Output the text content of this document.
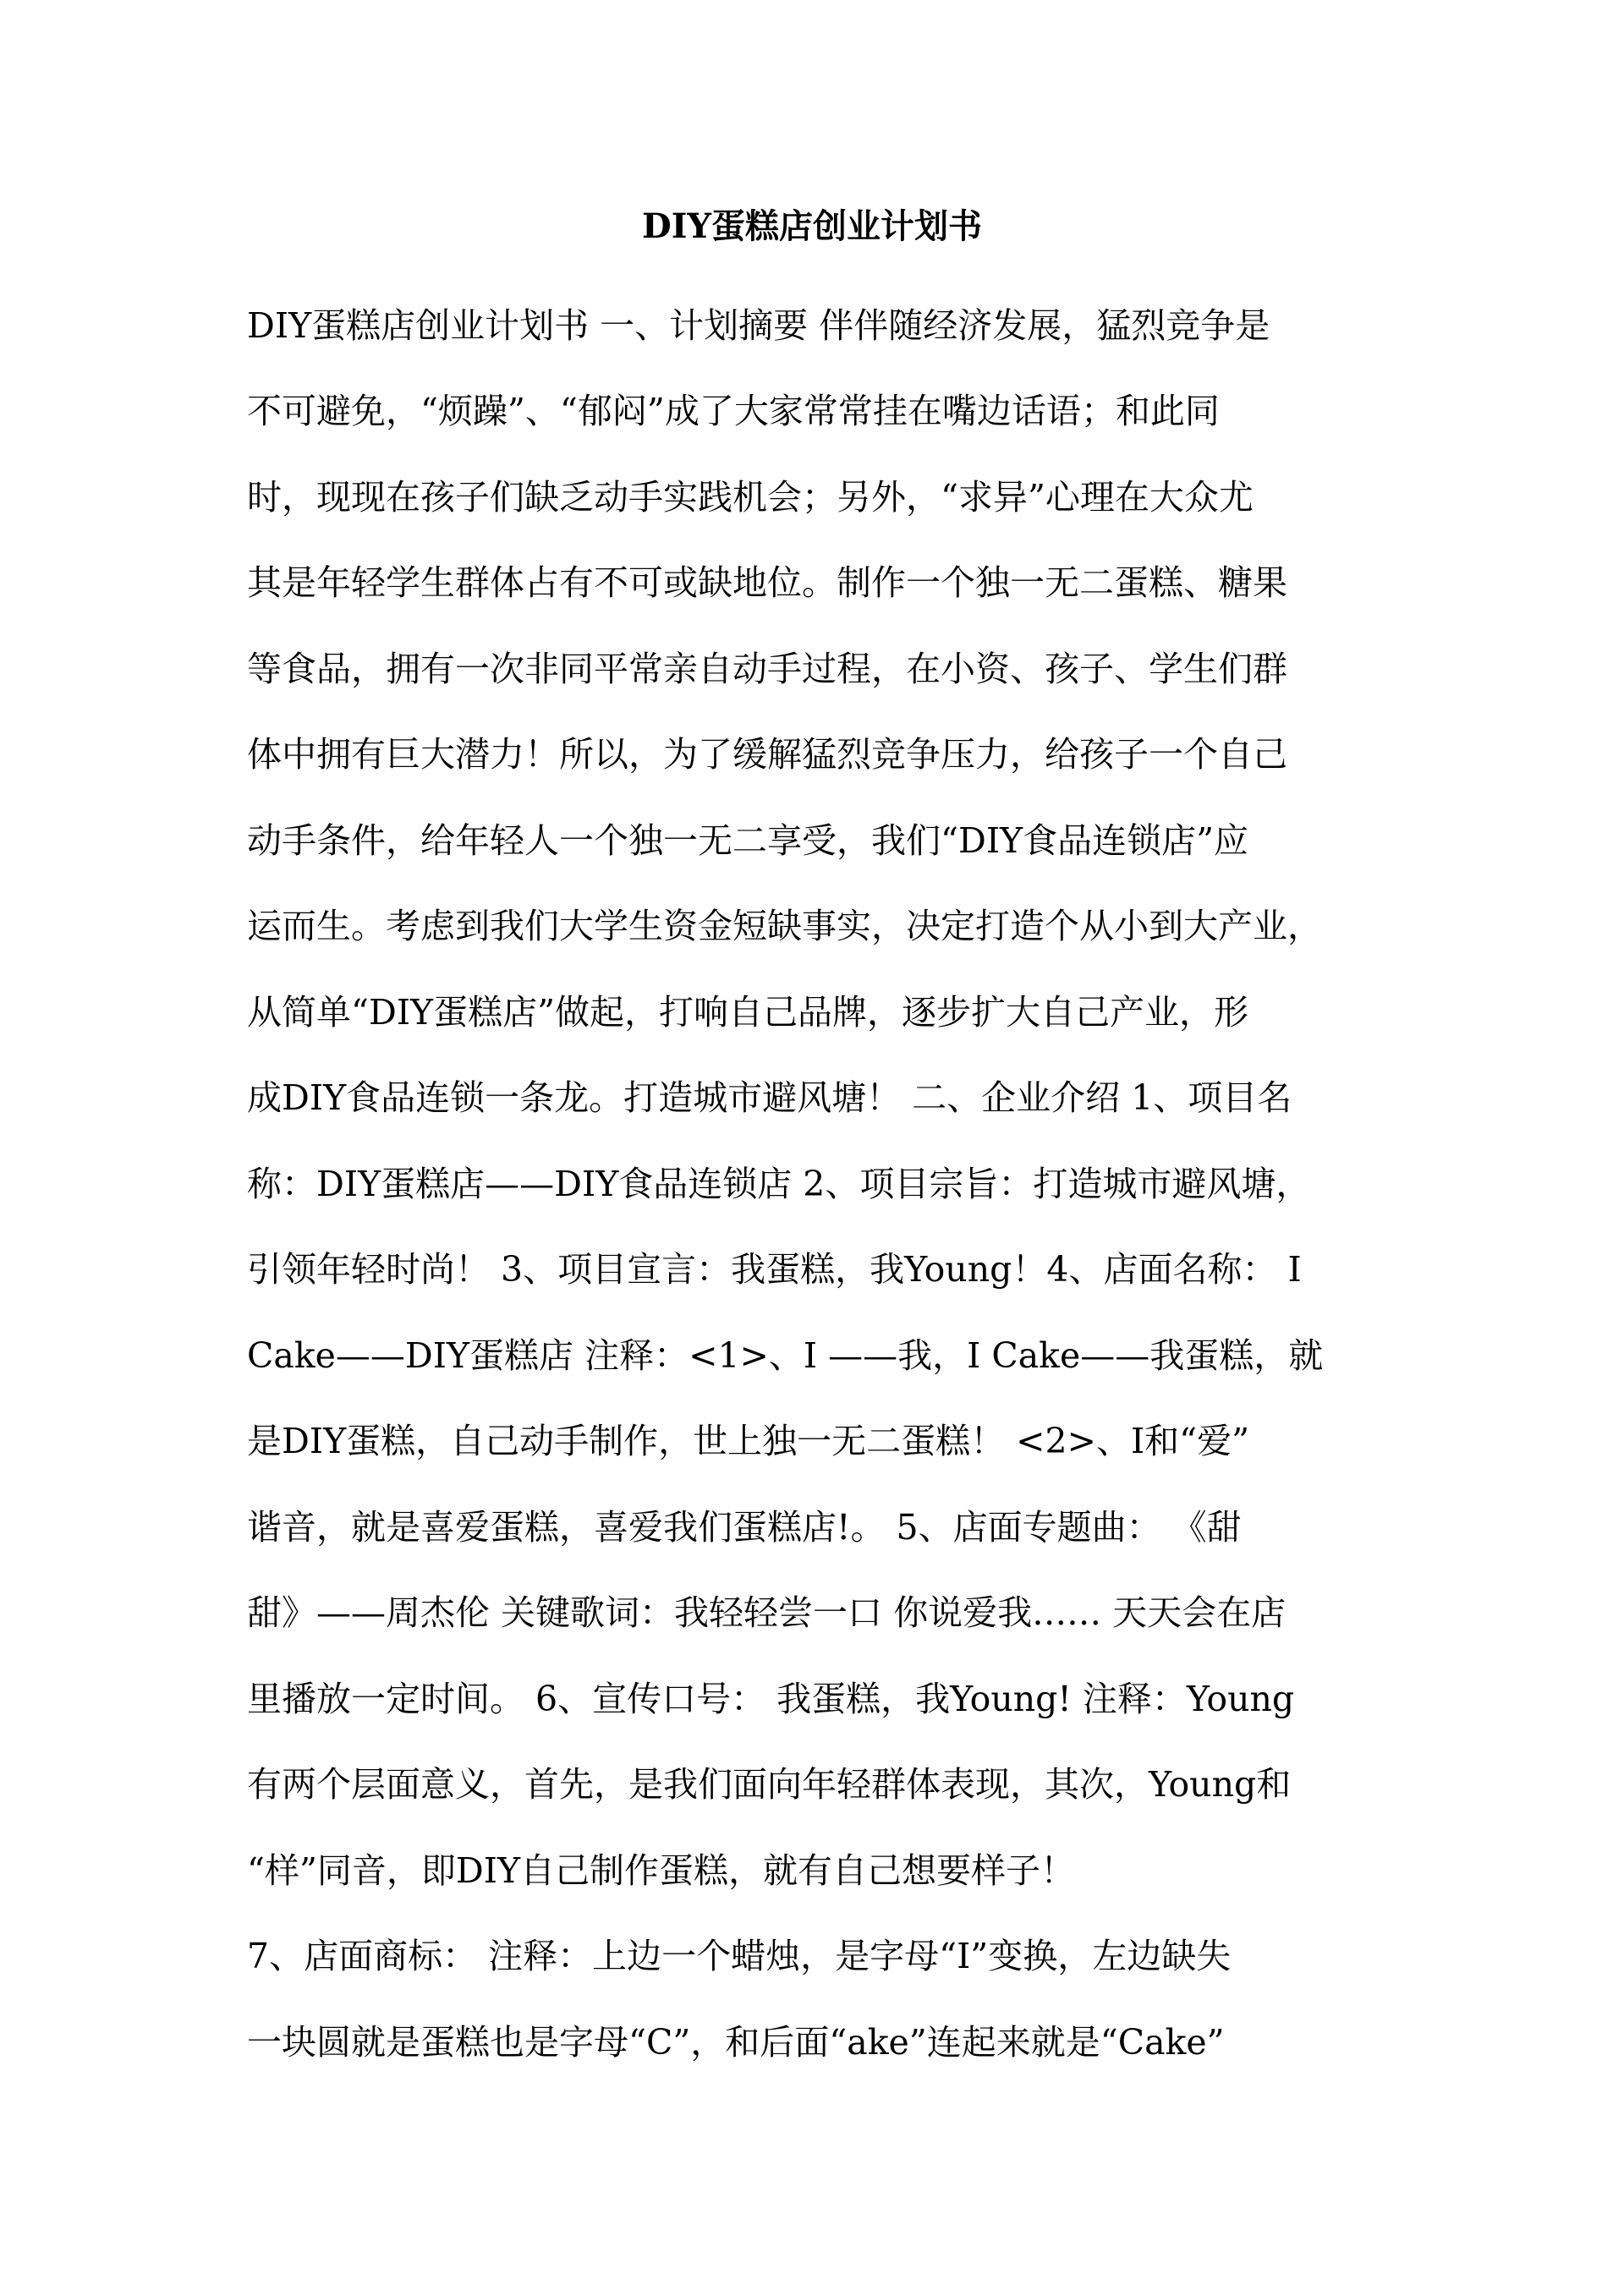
DIY蛋糕店创业计划书
DIY蛋糕店创业计划书 一、计划摘要 伴伴随经济发展，猛烈竞争是
不可避免，“烦躁”、“郁闷”成了大家常常挂在嘴边话语；和此同
时，现现在孩子们缺乏动手实践机会；另外，“求异”心理在大众尤
其是年轻学生群体占有不可或缺地位。制作一个独一无二蛋糕、糖果
等食品，拥有一次非同平常亲自动手过程，在小资、孩子、学生们群
体中拥有巨大潜力！所以，为了缓解猛烈竞争压力，给孩子一个自己
动手条件，给年轻人一个独一无二享受，我们“DIY食品连锁店”应
运而生。考虑到我们大学生资金短缺事实，决定打造个从小到大产业，
从简单“DIY蛋糕店”做起，打响自己品牌，逐步扩大自己产业，形
成DIY食品连锁一条龙。打造城市避风塘！ 二、企业介绍 1、项目名
称：DIY蛋糕店——DIY食品连锁店 2、项目宗旨：打造城市避风塘，
引领年轻时尚！ 3、项目宣言：我蛋糕，我Young！4、店面名称： I
Cake——DIY蛋糕店 注释：<1>、I ——我，I Cake——我蛋糕，就
是DIY蛋糕，自己动手制作，世上独一无二蛋糕！ <2>、I和“爱”
谐音，就是喜爱蛋糕，喜爱我们蛋糕店!。 5、店面专题曲： 《甜
甜》——周杰伦 关键歌词：我轻轻尝一口 你说爱我…… 天天会在店
里播放一定时间。 6、宣传口号： 我蛋糕，我Young! 注释：Young
有两个层面意义，首先，是我们面向年轻群体表现，其次，Young和
“样”同音，即DIY自己制作蛋糕，就有自己想要样子！
7、店面商标： 注释：上边一个蜡烛，是字母“I”变换，左边缺失
一块圆就是蛋糕也是字母“C”，和后面“ake”连起来就是“Cake”
